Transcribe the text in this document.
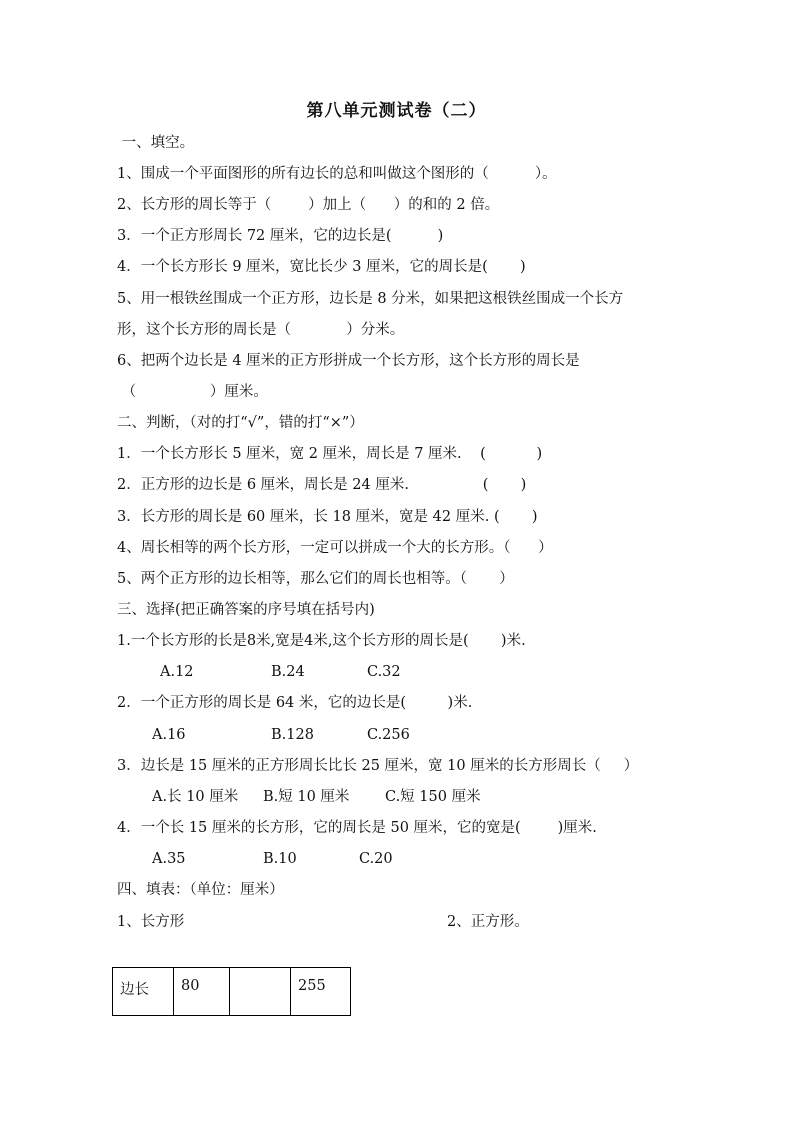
第八单元测试卷（二）
一、填空。
1、围成一个平面图形的所有边长的总和叫做这个图形的（          ）。
2、长方形的周长等于（        ）加上（      ）的和的 2 倍。
3．一个正方形周长 72 厘米，它的边长是(          )
4．一个长方形长 9 厘米，宽比长少 3 厘米，它的周长是(       )
5、用一根铁丝围成一个正方形，边长是 8 分米，如果把这根铁丝围成一个长方
形，这个长方形的周长是（            ）分米。
6、把两个边长是 4 厘米的正方形拼成一个长方形，这个长方形的周长是
（                ）厘米。
二、判断，（对的打“√”，错的打“×”）
1．一个长方形长 5 厘米，宽 2 厘米，周长是 7 厘米.    (           )
2．正方形的边长是 6 厘米，周长是 24 厘米.                (       )
3．长方形的周长是 60 厘米，长 18 厘米，宽是 42 厘米. (       )
4、周长相等的两个长方形，一定可以拼成一个大的长方形。（      ）
5、两个正方形的边长相等，那么它们的周长也相等。（       ）
三、选择(把正确答案的序号填在括号内)
1.一个长方形的长是8米,宽是4米,这个长方形的周长是(       )米.
A.12	B.24	C.32
2．一个正方形的周长是 64 米，它的边长是(         )米.
A.16	B.128	C.256
3．边长是 15 厘米的正方形周长比长 25 厘米，宽 10 厘米的长方形周长（     ）
A.长 10 厘米 B.短 10 厘米 C.短 150 厘米
4．一个长 15 厘米的长方形，它的周长是 50 厘米，它的宽是(        )厘米.
A.35	B.10	C.20
四、填表：（单位：厘米）
1、长方形	2、正方形。
边长	80		255
